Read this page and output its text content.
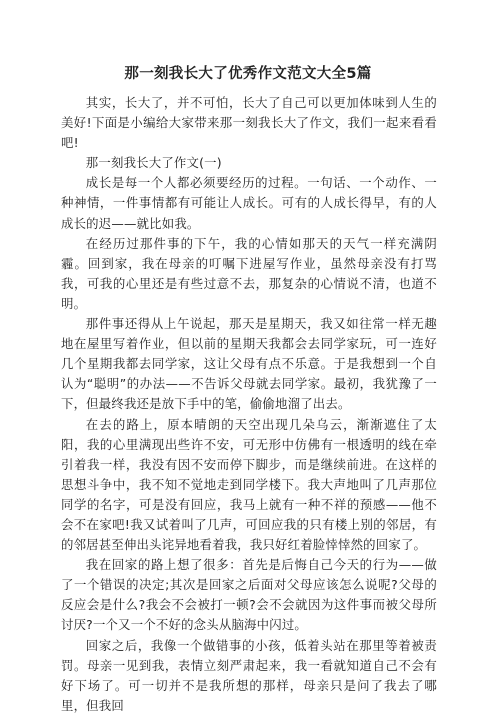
那一刻我长大了优秀作文范文大全5篇

其实，长大了，并不可怕，长大了自己可以更加体味到人生的美好!下面是小编给大家带来那一刻我长大了作文，我们一起来看看吧!

那一刻我长大了作文(一)

成长是每一个人都必须要经历的过程。一句话、一个动作、一种神情，一件事情都有可能让人成长。可有的人成长得早，有的人成长的迟——就比如我。

在经历过那件事的下午，我的心情如那天的天气一样充满阴霾。回到家，我在母亲的叮嘱下进屋写作业，虽然母亲没有打骂我，可我的心里还是有些过意不去，那复杂的心情说不清，也道不明。

那件事还得从上午说起，那天是星期天，我又如往常一样无趣地在屋里写着作业，但以前的星期天我都会去同学家玩，可一连好几个星期我都去同学家，这让父母有点不乐意。于是我想到一个自认为“聪明”的办法——不告诉父母就去同学家。最初，我犹豫了一下，但最终我还是放下手中的笔，偷偷地溜了出去。

在去的路上，原本晴朗的天空出现几朵乌云，渐渐遮住了太阳，我的心里满现出些许不安，可无形中仿佛有一根透明的线在牵引着我一样，我没有因不安而停下脚步，而是继续前进。在这样的思想斗争中，我不知不觉地走到同学楼下。我大声地叫了几声那位同学的名字，可是没有回应，我马上就有一种不祥的预感——他不会不在家吧!我又试着叫了几声，可回应我的只有楼上别的邻居，有的邻居甚至伸出头诧异地看着我，我只好红着脸悻悻然的回家了。

我在回家的路上想了很多：首先是后悔自己今天的行为——做了一个错误的决定;其次是回家之后面对父母应该怎么说呢?父母的反应会是什么?我会不会被打一顿?会不会就因为这件事而被父母所讨厌?一个又一个不好的念头从脑海中闪过。

回家之后，我像一个做错事的小孩，低着头站在那里等着被责罚。母亲一见到我，表情立刻严肃起来，我一看就知道自己不会有好下场了。可一切并不是我所想的那样，母亲只是问了我去了哪里，但我回
